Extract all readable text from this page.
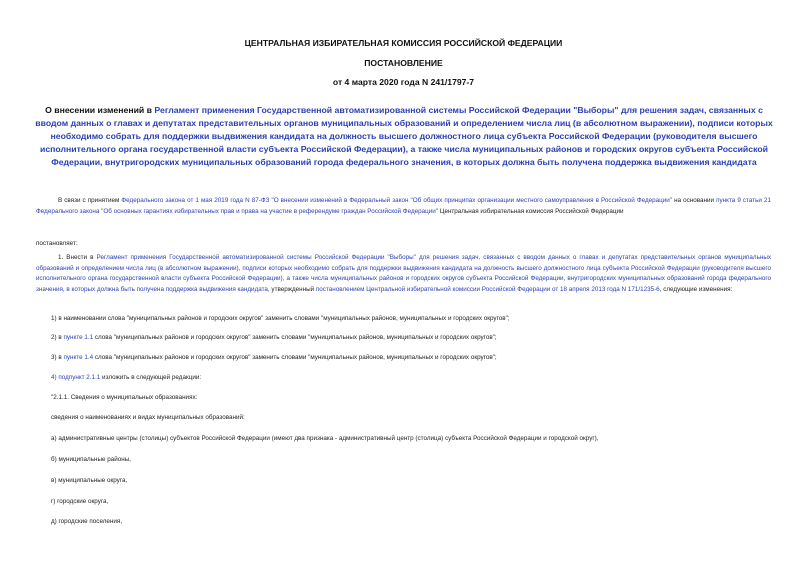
ЦЕНТРАЛЬНАЯ ИЗБИРАТЕЛЬНАЯ КОМИССИЯ РОССИЙСКОЙ ФЕДЕРАЦИИ
ПОСТАНОВЛЕНИЕ
от 4 марта 2020 года N 241/1797-7
О внесении изменений в Регламент применения Государственной автоматизированной системы Российской Федерации "Выборы" для решения задач, связанных с вводом данных о главах и депутатах представительных органов муниципальных образований и определением числа лиц (в абсолютном выражении), подписи которых необходимо собрать для поддержки выдвижения кандидата на должность высшего должностного лица субъекта Российской Федерации (руководителя высшего исполнительного органа государственной власти субъекта Российской Федерации), а также числа муниципальных районов и городских округов субъекта Российской Федерации, внутригородских муниципальных образований города федерального значения, в которых должна быть получена поддержка выдвижения кандидата
В связи с принятием Федерального закона от 1 мая 2019 года N 87-ФЗ "О внесении изменений в Федеральный закон "Об общих принципах организации местного самоуправления в Российской Федерации" на основании пункта 9 статьи 21 Федерального закона "Об основных гарантиях избирательных прав и права на участие в референдуме граждан Российской Федерации" Центральная избирательная комиссия Российской Федерации
постановляет:
1. Внести в Регламент применения Государственной автоматизированной системы Российской Федерации "Выборы" для решения задач, связанных с вводом данных о главах и депутатах представительных органов муниципальных образований и определением числа лиц (в абсолютном выражении), подписи которых необходимо собрать для поддержки выдвижения кандидата на должность высшего должностного лица субъекта Российской Федерации (руководителя высшего исполнительного органа государственной власти субъекта Российской Федерации), а также числа муниципальных районов и городских округов субъекта Российской Федерации, внутригородских муниципальных образований города федерального значения, в которых должна быть получена поддержка выдвижения кандидата, утвержденный постановлением Центральной избирательной комиссии Российской Федерации от 18 апреля 2013 года N 171/1235-6, следующие изменения:
1) в наименовании слова "муниципальных районов и городских округов" заменить словами "муниципальных районов, муниципальных и городских округов";
2) в пункте 1.1 слова "муниципальных районов и городских округов" заменить словами "муниципальных районов, муниципальных и городских округов";
3) в пункте 1.4 слова "муниципальных районов и городских округов" заменить словами "муниципальных районов, муниципальных и городских округов";
4) подпункт 2.1.1 изложить в следующей редакции:
"2.1.1. Сведения о муниципальных образованиях:
сведения о наименованиях и видах муниципальных образований:
а) административные центры (столицы) субъектов Российской Федерации (имеют два признака - административный центр (столица) субъекта Российской Федерации и городской округ),
б) муниципальные районы,
в) муниципальные округа,
г) городские округа,
д) городские поселения,
